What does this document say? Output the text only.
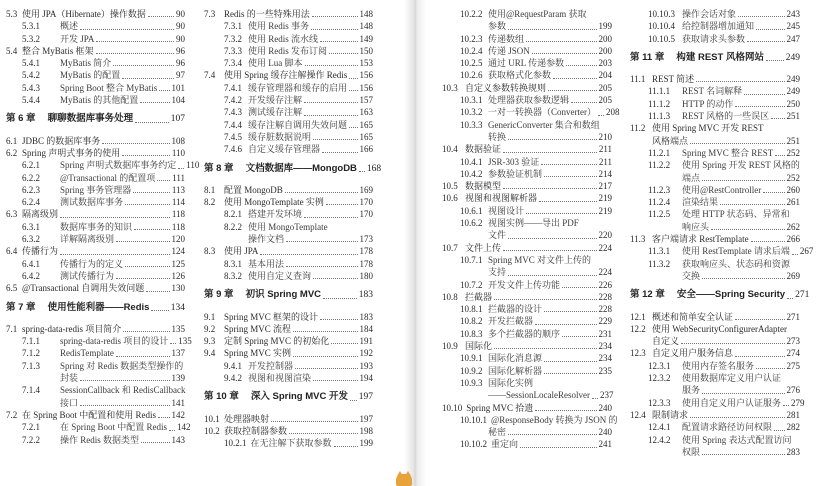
5.3 使用 JPA（Hibernate）操作数据	90
5.3.1	概述	90
5.3.2	开发 JPA	90
5.4 整合 MyBatis 框架	96
5.4.1	MyBatis 简介	96
5.4.2	MyBatis 的配置	97
5.4.3	Spring Boot 整合 MyBatis 101
5.4.4	MyBatis 的其他配置	104
第 6 章	聊聊数据库事务处理	107
6.1 JDBC 的数据库事务	108
6.2 Spring 声明式事务的使用	110
6.2.1	Spring 声明式数据库事务约定 110
6.2.2	@Transactional 的配置项 111
6.2.3	Spring 事务管理器	113
6.2.4	测试数据库事务	114
6.3 隔离级别	118
6.3.1	数据库事务的知识	118
6.3.2	详解隔离级别	120
6.4 传播行为	124
6.4.1	传播行为的定义	125
6.4.2	测试传播行为	126
6.5 @Transactional 自调用失效问题	130
第 7 章	使用性能利器——Redis 134
7.1 spring-data-redis 项目简介	135
7.1.1	spring-data-redis 项目的设计 135
7.1.2	RedisTemplate	137
7.1.3	Spring 对 Redis 数据类型操作的
封装	139
7.1.4	SessionCallback 和 RedisCallback
接口	141
7.2 在 Spring Boot 中配置和使用 Redis 142
7.2.1	在 Spring Boot 中配置 Redis 142
7.2.2	操作 Redis 数据类型	143
7.3 Redis 的一些特殊用法	148
7.3.1 使用 Redis 事务	148
7.3.2 使用 Redis 流水线	149
7.3.3 使用 Redis 发布订阅	150
7.3.4 使用 Lua 脚本	153
7.4 使用 Spring 缓存注解操作 Redis 156
7.4.1 缓存管理器和缓存的启用 156
7.4.2 开发缓存注解	157
7.4.3 测试缓存注解	163
7.4.4 缓存注解自调用失效问题 165
7.4.5 缓存脏数据说明	165
7.4.6 自定义缓存管理器	166
第 8 章	文档数据库——MongoDB 168
8.1 配置 MongoDB	169
8.2 使用 MongoTemplate 实例	170
8.2.1 搭建开发环境	170
8.2.2 使用 MongoTemplate
操作文档	173
8.3 使用 JPA	178
8.3.1 基本用法	178
8.3.2 使用自定义查询	180
第 9 章	初识 Spring MVC	183
9.1 Spring MVC 框架的设计	183
9.2 Spring MVC 流程	184
9.3 定制 Spring MVC 的初始化	191
9.4 Spring MVC 实例	192
9.4.1 开发控制器	193
9.4.2 视图和视图渲染	194
第 10 章	深入 Spring MVC 开发 197
10.1 处理器映射	197
10.2 获取控制器参数	198
10.2.1 在无注解下获取参数	199
10.2.2 使用@RequestParam 获取
参数	199
10.2.3 传递数组	200
10.2.4 传递 JSON	200
10.2.5 通过 URL 传递参数	203
10.2.6 获取格式化参数	204
10.3 自定义参数转换规则	205
10.3.1 处理器获取参数逻辑	205
10.3.2 一对一转换器（Converter） 208
10.3.3 GenericConverter 集合和数组
转换	210
10.4 数据验证	211
10.4.1 JSR-303 验证	211
10.4.2 参数验证机制	214
10.5 数据模型	217
10.6 视图和视图解析器	219
10.6.1 视图设计	219
10.6.2 视图实例——导出 PDF
文件	220
10.7 文件上传	224
10.7.1 Spring MVC 对文件上传的
支持	224
10.7.2 开发文件上传功能	226
10.8 拦截器	228
10.8.1 拦截器的设计	228
10.8.2 开发拦截器	229
10.8.3 多个拦截器的顺序	231
10.9 国际化	234
10.9.1 国际化消息源	234
10.9.2 国际化解析器	235
10.9.3 国际化实例
——SessionLocaleResolver 237
10.10 Spring MVC 拾遗	240
10.10.1 @ResponseBody 转换为 JSON 的
秘密	240
10.10.2 重定向	241
10.10.3 操作会话对象	243
10.10.4 给控制器增加通知	245
10.10.5 获取请求头参数	247
第 11 章	构建 REST 风格网站 249
11.1 REST 简述	249
11.1.1	REST 名词解释	249
11.1.2	HTTP 的动作	250
11.1.3	REST 风格的一些误区 251
11.2 使用 Spring MVC 开发 REST
风格端点	251
11.2.1	Spring MVC 整合 REST 252
11.2.2	使用 Spring 开发 REST 风格的
端点	252
11.2.3	使用@RestController	260
11.2.4	渲染结果	261
11.2.5	处理 HTTP 状态码、异常和
响应头	262
11.3 客户端请求 RestTemplate	266
11.3.1	使用 RestTemplate 请求后端 267
11.3.2	获取响应头、状态码和资源
交换	269
第 12 章	安全——Spring Security 271
12.1 概述和简单安全认证	271
12.2 使用 WebSecurityConfigurerAdapter
自定义	273
12.3 自定义用户服务信息	274
12.3.1	使用内存签名服务	275
12.3.2	使用数据库定义用户认证
服务	276
12.3.3	使用自定义用户认证服务 279
12.4 限制请求	281
12.4.1	配置请求路径访问权限 282
12.4.2	使用 Spring 表达式配置访问
权限	283
